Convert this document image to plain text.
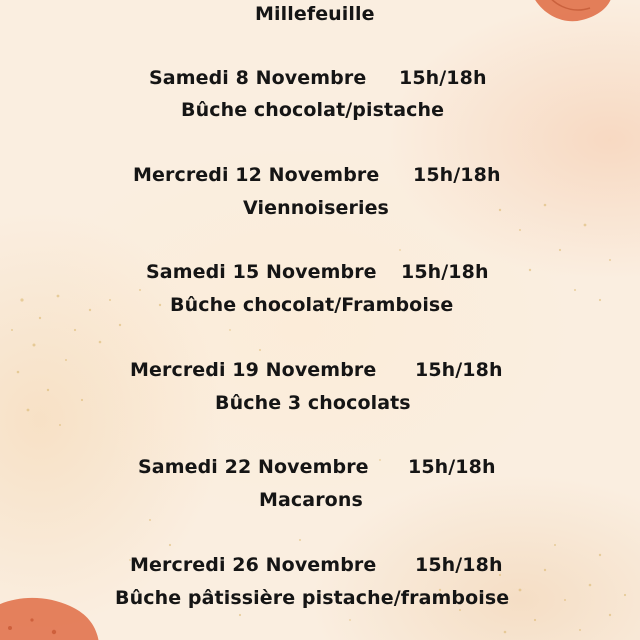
Millefeuille
Samedi 8 Novembre 15h/18h
Bûche chocolat/pistache
Mercredi 12 Novembre 15h/18h
Viennoiseries
Samedi 15 Novembre 15h/18h
Bûche chocolat/Framboise
Mercredi 19 Novembre 15h/18h
Bûche 3 chocolats
Samedi 22 Novembre 15h/18h
Macarons
Mercredi 26 Novembre 15h/18h
Bûche pâtissière pistache/framboise
